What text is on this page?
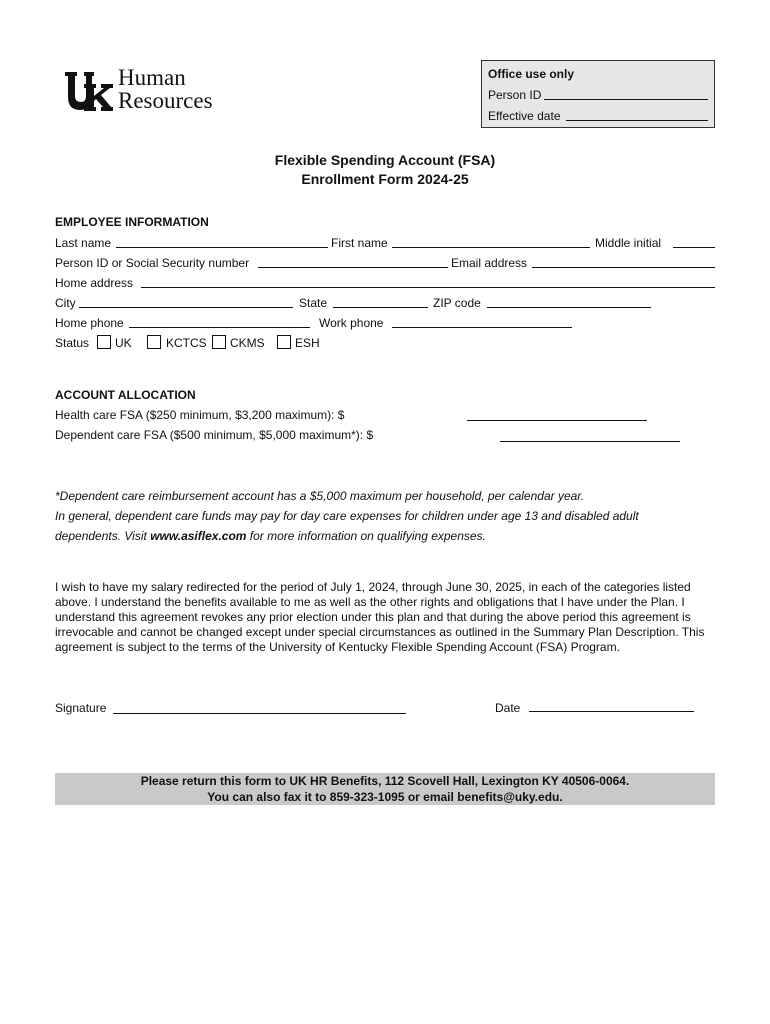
Human
Resources
Office use only
Person ID
Effective date
Flexible Spending Account (FSA)
Enrollment Form 2024-25
EMPLOYEE INFORMATION
Last name	First name	Middle initial
Person ID or Social Security number	Email address
Home address
City	State	ZIP code
Home phone	Work phone
Status UK	KCTCS CKMS	ESH
ACCOUNT ALLOCATION
Health care FSA ($250 minimum, $3,200 maximum): $
Dependent care FSA ($500 minimum, $5,000 maximum*): $
*Dependent care reimbursement account has a $5,000 maximum per household, per calendar year.
In general, dependent care funds may pay for day care expenses for children under age 13 and disabled adult
dependents. Visit www.asiflex.com for more information on qualifying expenses.
I wish to have my salary redirected for the period of July 1, 2024, through June 30, 2025, in each of the categories listed above. I understand the benefits available to me as well as the other rights and obligations that I have under the Plan. I understand this agreement revokes any prior election under this plan and that during the above period this agreement is irrevocable and cannot be changed except under special circumstances as outlined in the Summary Plan Description. This agreement is subject to the terms of the University of Kentucky Flexible Spending Account (FSA) Program.
Signature	Date
Please return this form to UK HR Benefits, 112 Scovell Hall, Lexington KY 40506-0064.
You can also fax it to 859-323-1095 or email benefits@uky.edu.
